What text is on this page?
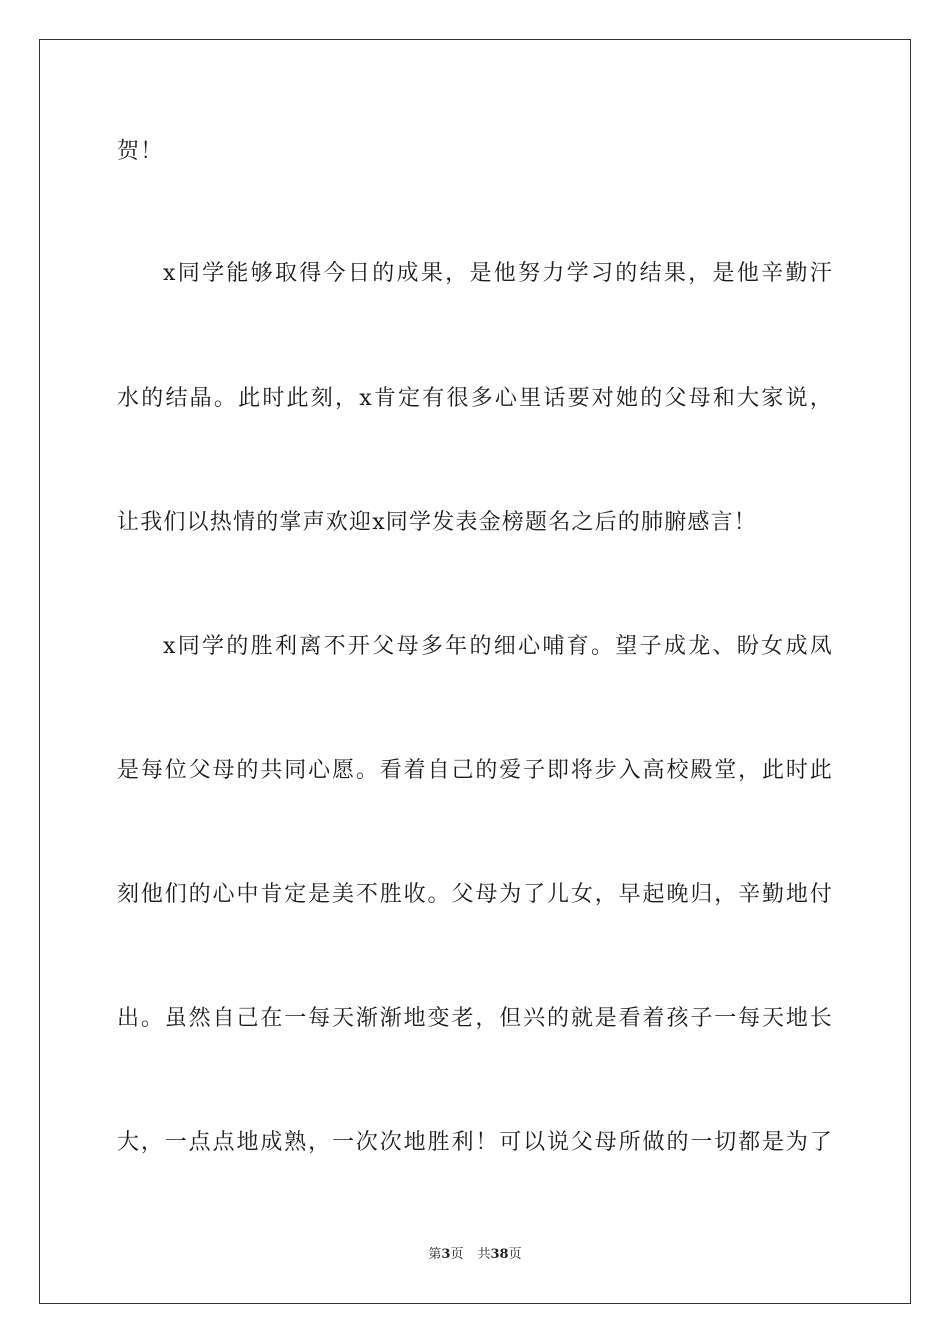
贺！
x同学能够取得今日的成果，是他努力学习的结果，是他辛勤汗
水的结晶。此时此刻，x肯定有很多心里话要对她的父母和大家说，
让我们以热情的掌声欢迎x同学发表金榜题名之后的肺腑感言！
x同学的胜利离不开父母多年的细心哺育。望子成龙、盼女成凤
是每位父母的共同心愿。看着自己的爱子即将步入高校殿堂，此时此
刻他们的心中肯定是美不胜收。父母为了儿女，早起晚归，辛勤地付
出。虽然自己在一每天渐渐地变老，但兴的就是看着孩子一每天地长
大，一点点地成熟，一次次地胜利！可以说父母所做的一切都是为了
第3页 共38页
